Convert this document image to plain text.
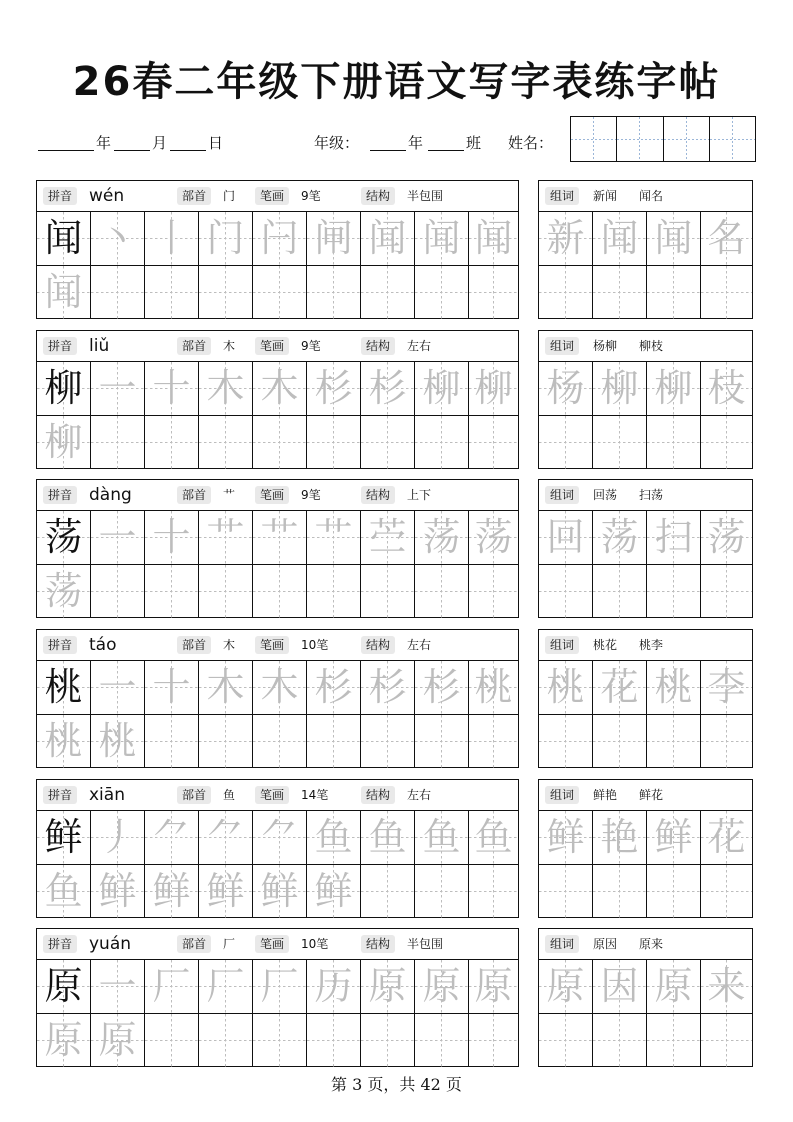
26春二年级下册语文写字表练字帖
年	月	日	年级：	年	班 姓名：
拼音 wén	部首	门	笔画	9笔	结构	半包围
闻 丶 丨 门 闩 闸 闻 闻 闻
闻
组词	新闻 闻名
新 闻 闻 名
拼音 liǔ	部首	木	笔画	9笔	结构	左右
柳 一 十 木 木 杉 杉 柳 柳
柳
组词	杨柳 柳枝
杨 柳 柳 枝
拼音 dàng	部首	艹	笔画	9笔	结构	上下
荡 一 十 艹 艹 艹 苎 荡 荡
荡
组词	回荡 扫荡
回 荡 扫 荡
拼音 táo	部首	木	笔画	10笔	结构	左右
桃 一 十 木 木 杉 杉 杉 桃
桃 桃
组词	桃花 桃李
桃 花 桃 李
拼音 xiān	部首	鱼	笔画	14笔	结构	左右
鲜 丿 ⺈ ⺈ ⺈ 鱼 鱼 鱼 鱼
鱼 鲜 鲜 鲜 鲜 鲜
组词	鲜艳 鲜花
鲜 艳 鲜 花
拼音 yuán	部首	厂	笔画	10笔	结构	半包围
原 一 厂 厂 厂 历 原 原 原
原 原
组词	原因 原来
原 因 原 来
第 3 页，共 42 页
